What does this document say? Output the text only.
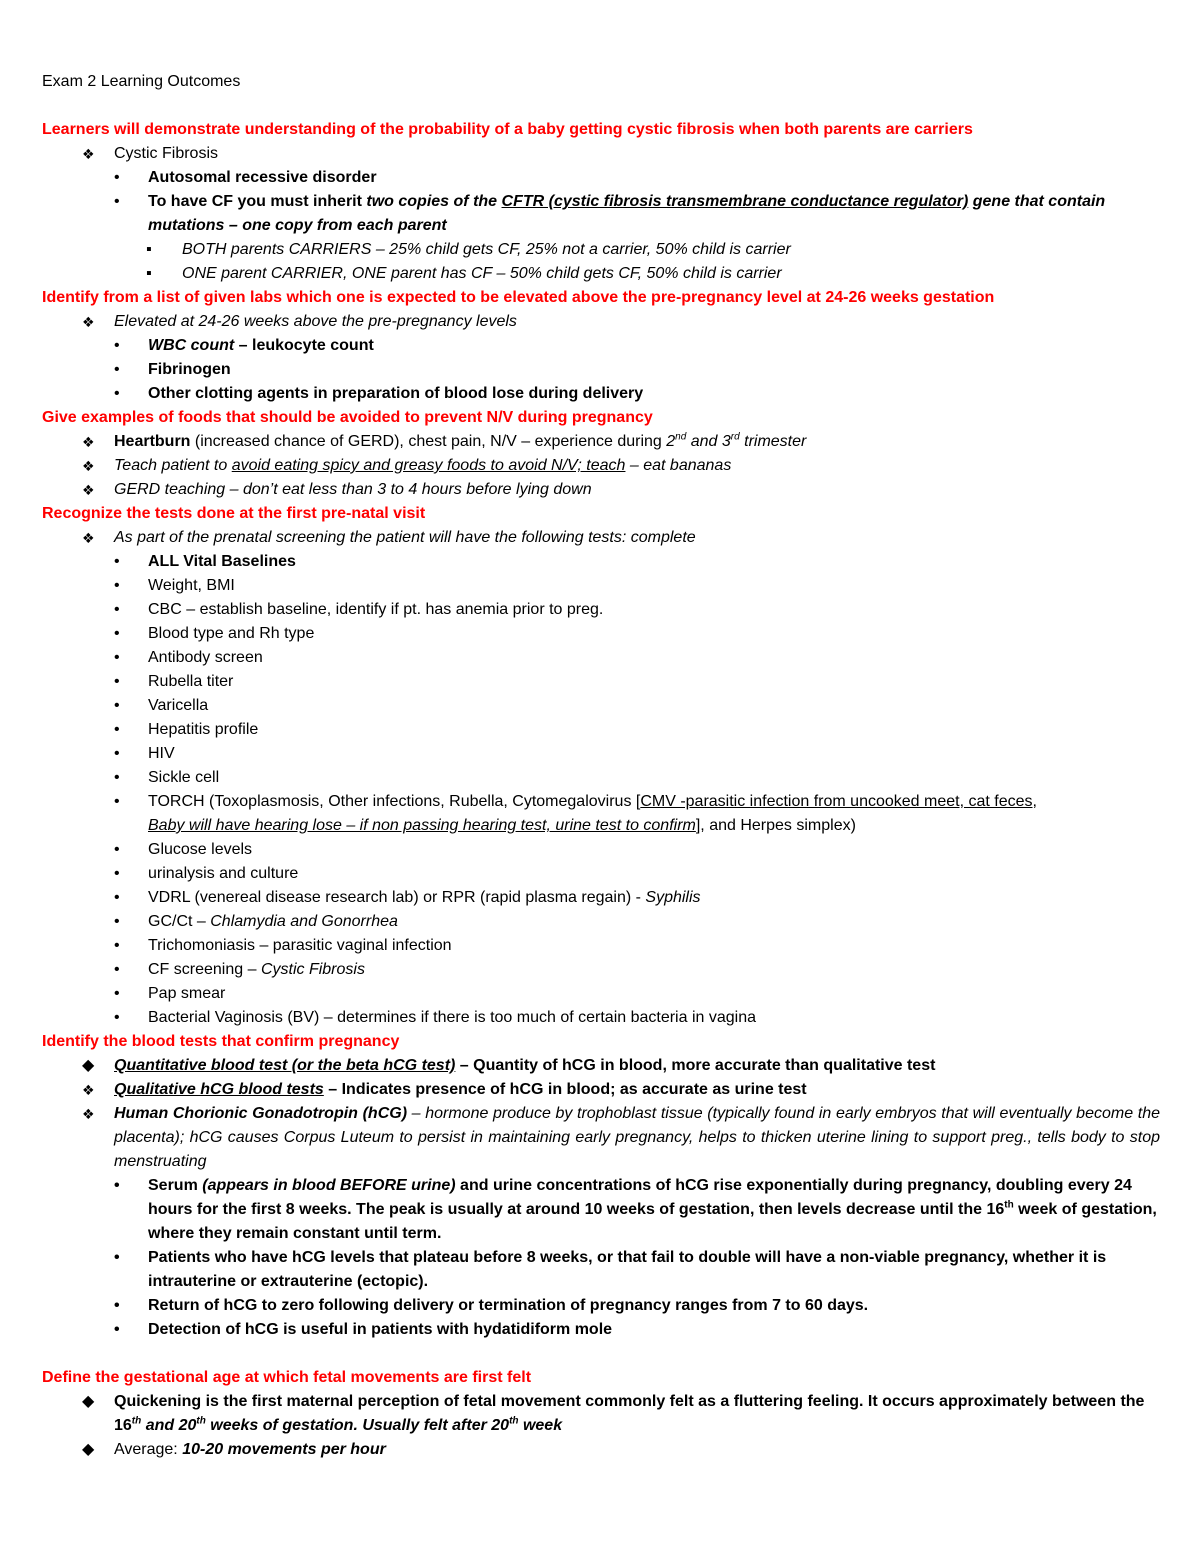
Exam 2 Learning Outcomes
Learners will demonstrate understanding of the probability of a baby getting cystic fibrosis when both parents are carriers
❖ Cystic Fibrosis
• Autosomal recessive disorder
• To have CF you must inherit two copies of the CFTR (cystic fibrosis transmembrane conductance regulator) gene that contain mutations – one copy from each parent
▪ BOTH parents CARRIERS – 25% child gets CF, 25% not a carrier, 50% child is carrier
▪ ONE parent CARRIER, ONE parent has CF – 50% child gets CF, 50% child is carrier
Identify from a list of given labs which one is expected to be elevated above the pre-pregnancy level at 24-26 weeks gestation
❖ Elevated at 24-26 weeks above the pre-pregnancy levels
• WBC count – leukocyte count
• Fibrinogen
• Other clotting agents in preparation of blood lose during delivery
Give examples of foods that should be avoided to prevent N/V during pregnancy
❖ Heartburn (increased chance of GERD), chest pain, N/V – experience during 2nd and 3rd trimester
❖ Teach patient to avoid eating spicy and greasy foods to avoid N/V; teach – eat bananas
❖ GERD teaching – don’t eat less than 3 to 4 hours before lying down
Recognize the tests done at the first pre-natal visit
❖ As part of the prenatal screening the patient will have the following tests: complete
• ALL Vital Baselines
• Weight, BMI
• CBC – establish baseline, identify if pt. has anemia prior to preg.
• Blood type and Rh type
• Antibody screen
• Rubella titer
• Varicella
• Hepatitis profile
• HIV
• Sickle cell
• TORCH (Toxoplasmosis, Other infections, Rubella, Cytomegalovirus [CMV -parasitic infection from uncooked meet, cat feces,
Baby will have hearing lose – if non passing hearing test, urine test to confirm], and Herpes simplex)
• Glucose levels
• urinalysis and culture
• VDRL (venereal disease research lab) or RPR (rapid plasma regain) - Syphilis
• GC/Ct – Chlamydia and Gonorrhea
• Trichomoniasis – parasitic vaginal infection
• CF screening – Cystic Fibrosis
• Pap smear
• Bacterial Vaginosis (BV) – determines if there is too much of certain bacteria in vagina
Identify the blood tests that confirm pregnancy
◆ Quantitative blood test (or the beta hCG test) – Quantity of hCG in blood, more accurate than qualitative test
❖ Qualitative hCG blood tests – Indicates presence of hCG in blood; as accurate as urine test
❖ Human Chorionic Gonadotropin (hCG) – hormone produce by trophoblast tissue (typically found in early embryos that will eventually become the placenta); hCG causes Corpus Luteum to persist in maintaining early pregnancy, helps to thicken uterine lining to support preg., tells body to stop menstruating
• Serum (appears in blood BEFORE urine) and urine concentrations of hCG rise exponentially during pregnancy, doubling every 24 hours for the first 8 weeks. The peak is usually at around 10 weeks of gestation, then levels decrease until the 16th week of gestation, where they remain constant until term.
• Patients who have hCG levels that plateau before 8 weeks, or that fail to double will have a non-viable pregnancy, whether it is intrauterine or extrauterine (ectopic).
• Return of hCG to zero following delivery or termination of pregnancy ranges from 7 to 60 days.
• Detection of hCG is useful in patients with hydatidiform mole
Define the gestational age at which fetal movements are first felt
◆ Quickening is the first maternal perception of fetal movement commonly felt as a fluttering feeling. It occurs approximately between the 16th and 20th weeks of gestation. Usually felt after 20th week
◆ Average: 10-20 movements per hour
